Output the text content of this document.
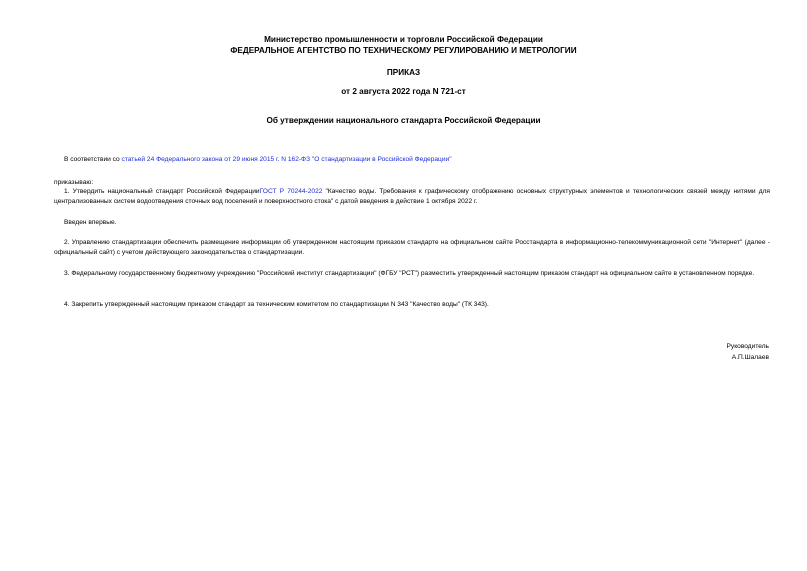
Министерство промышленности и торговли Российской Федерации

ФЕДЕРАЛЬНОЕ АГЕНТСТВО ПО ТЕХНИЧЕСКОМУ РЕГУЛИРОВАНИЮ И МЕТРОЛОГИИ

ПРИКАЗ

от 2 августа 2022 года N 721-ст

Об утверждении национального стандарта Российской Федерации

В соответствии со статьей 24 Федерального закона от 29 июня 2015 г. N 162-ФЗ "О стандартизации в Российской Федерации"

приказываю:

1. Утвердить национальный стандарт Российской ФедерацииГОСТ Р 70244-2022 "Качество воды. Требования к графическому отображению основных структурных элементов и технологических связей между нитями для централизованных систем водоотведения сточных вод поселений и поверхностного стока" с датой введения в действие 1 октября 2022 г.

Введен впервые.

2. Управлению стандартизации обеспечить размещение информации об утвержденном настоящим приказом стандарте на официальном сайте Росстандарта в информационно-телекоммуникационной сети "Интернет" (далее - официальный сайт) с учетом действующего законодательства о стандартизации.

3. Федеральному государственному бюджетному учреждению "Российский институт стандартизации" (ФГБУ "РСТ") разместить утвержденный настоящим приказом стандарт на официальном сайте в установленном порядке.

4. Закрепить утвержденный настоящим приказом стандарт за техническим комитетом по стандартизации N 343 "Качество воды" (ТК 343).

Руководитель

А.П.Шалаев
